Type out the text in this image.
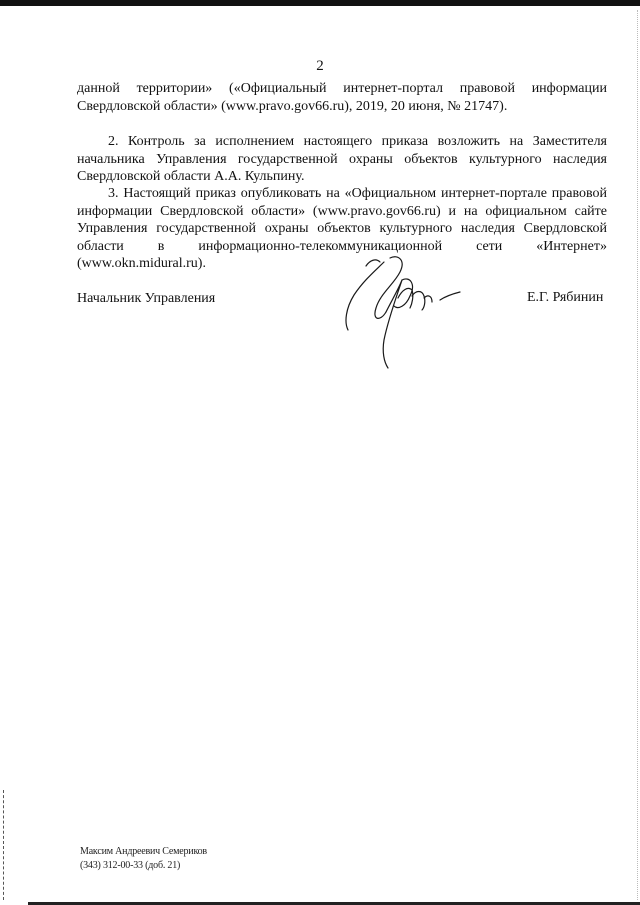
2
данной территории» («Официальный интернет-портал правовой информации Свердловской области» (www.pravo.gov66.ru), 2019, 20 июня, № 21747).
2. Контроль за исполнением настоящего приказа возложить на Заместителя начальника Управления государственной охраны объектов культурного наследия Свердловской области А.А. Кульпину.
3. Настоящий приказ опубликовать на «Официальном интернет-портале правовой информации Свердловской области» (www.pravo.gov66.ru) и на официальном сайте Управления государственной охраны объектов культурного наследия Свердловской области в информационно-телекоммуникационной сети «Интернет» (www.okn.midural.ru).
Начальник Управления	Е.Г. Рябинин
Максим Андреевич Семериков
(343) 312-00-33 (доб. 21)
